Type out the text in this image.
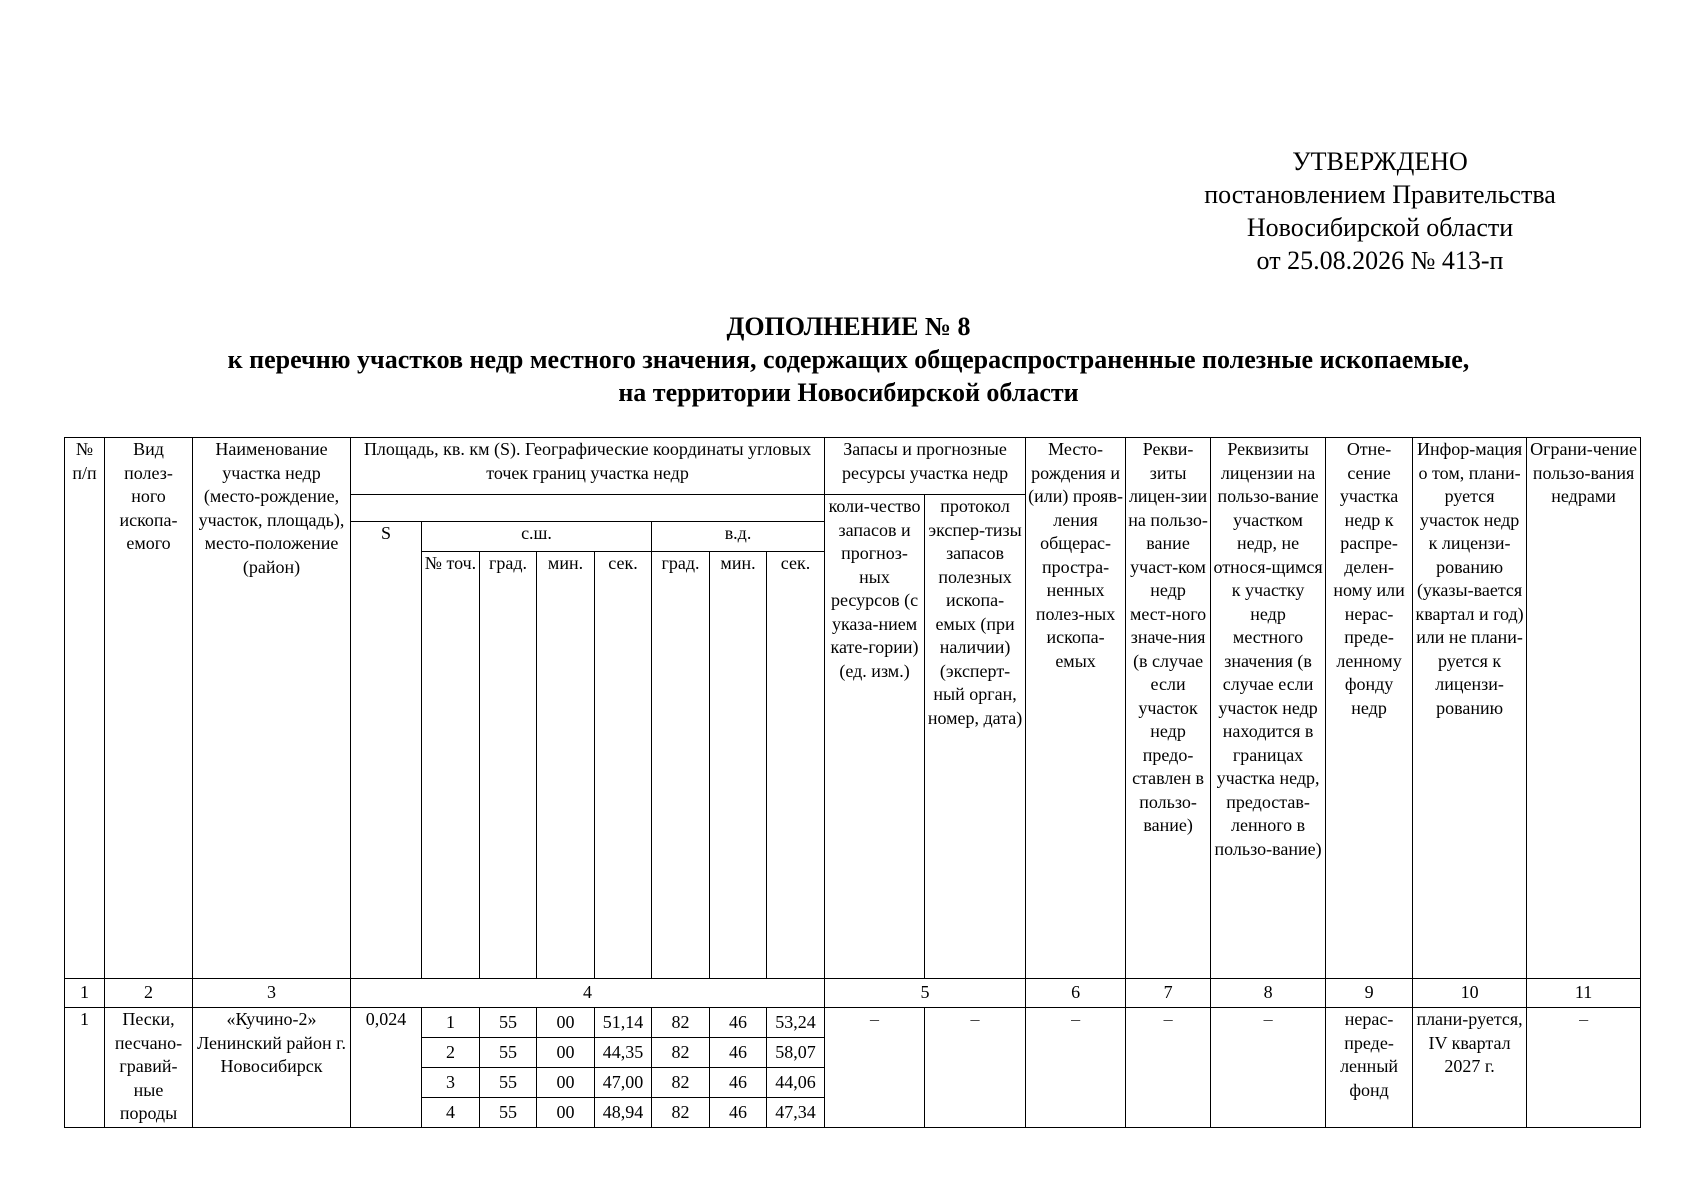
УТВЕРЖДЕНО
постановлением Правительства
Новосибирской области
от 25.08.2026 № 413-п
ДОПОЛНЕНИЕ № 8
к перечню участков недр местного значения, содержащих общераспространенные полезные ископаемые,
на территории Новосибирской области
№ п/п	Вид полез-ного ископа-емого	Наименование участка недр (место-рождение, участок, площадь), место-положение (район)	Площадь, кв. км (S). Географические координаты угловых точек границ участка недр								Запасы и прогнозные ресурсы участка недр		Место-рождения и (или) прояв-ления общерас-простра-ненных полез-ных ископа-емых	Рекви-зиты лицен-зии на пользо-вание участ-ком недр мест-ного значе-ния (в случае если участок недр предо-ставлен в пользо-вание)	Реквизиты лицензии на пользо-вание участком недр, не относя-щимся к участку недр местного значения (в случае если участок недр находится в границах участка недр, предостав-ленного в пользо-вание)	Отне-сение участка недр к распре-делен-ному или нерас-преде-ленному фонду недр	Инфор-мация о том, плани-руется участок недр к лицензи-рованию (указы-вается квартал и год) или не плани-руется к лицензи-рованию	Ограни-чение пользо-вания недрами
											коли-чество запасов и прогноз-ных ресурсов (с указа-нием кате-гории) (ед. изм.)	протокол экспер-тизы запасов полезных ископа-емых (при наличии) (эксперт-ный орган, номер, дата)						
			S	с.ш.				в.д.										
				№ точ.	град.	мин.	сек.	град.	мин.	сек.								
1	2	3	4								5		6	7	8	9	10	11
1	Пески, песчано-гравий-ные породы	«Кучино-2» Ленинский район г. Новосибирск	0,024	1	55	00	51,14	82	46	53,24	–	–	–	–	–	нерас-преде-ленный фонд	плани-руется, IV квартал 2027 г.	–
				2	55	00	44,35	82	46	58,07								
				3	55	00	47,00	82	46	44,06								
				4	55	00	48,94	82	46	47,34								
